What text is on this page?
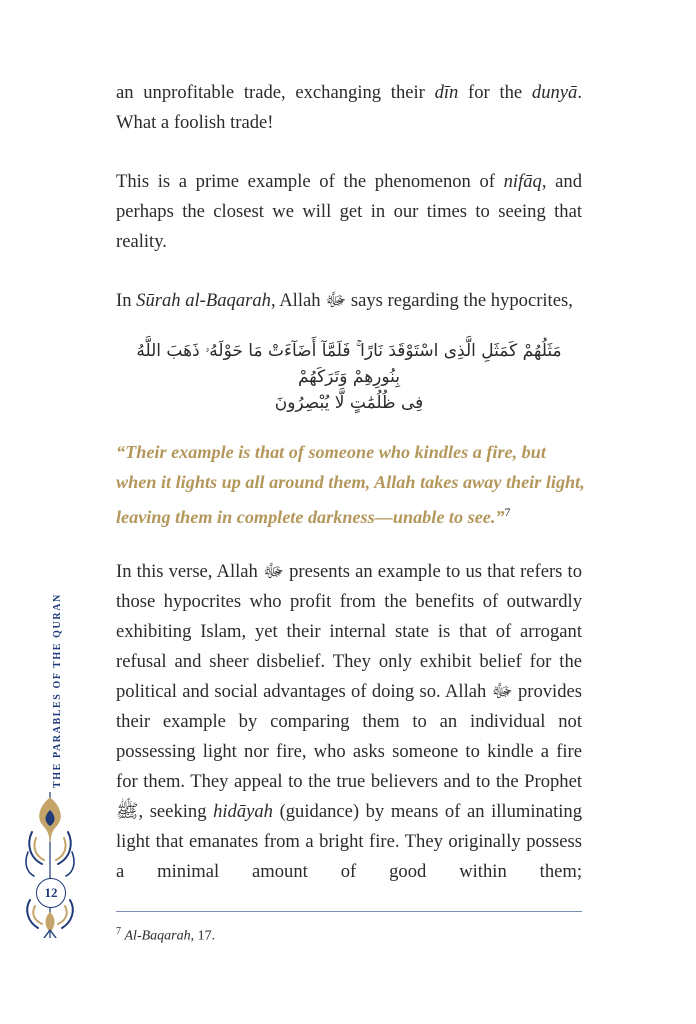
an unprofitable trade, exchanging their dīn for the dunyā. What a foolish trade!

This is a prime example of the phenomenon of nifāq, and perhaps the closest we will get in our times to seeing that reality.

In Sūrah al-Baqarah, Allah ﷻ says regarding the hypocrites,

مَثَلُهُمْ كَمَثَلِ الَّذِى اسْتَوْقَدَ نَارًا ۚ فَلَمَّآ أَضَآءَتْ مَا حَوْلَهُۥ ذَهَبَ اللَّهُ بِنُورِهِمْ وَتَرَكَهُمْ
فِى ظُلُمَٰتٍ لَّا يُبْصِرُونَ

“Their example is that of someone who kindles a fire, but when it lights up all around them, Allah takes away their light, leaving them in complete darkness—unable to see.”$^7$

In this verse, Allah ﷻ presents an example to us that refers to those hypocrites who profit from the benefits of outwardly exhibiting Islam, yet their internal state is that of arrogant refusal and sheer disbelief. They only exhibit belief for the political and social advantages of doing so. Allah ﷻ provides their example by comparing them to an individual not possessing light nor fire, who asks someone to kindle a fire for them. They appeal to the true believers and to the Prophet ﷺ, seeking hidāyah (guidance) by means of an illuminating light that emanates from a bright fire. They originally possess a minimal amount of good within them;

$^7$ Al-Baqarah, 17.

THE PARABLES OF THE QURAN
12
